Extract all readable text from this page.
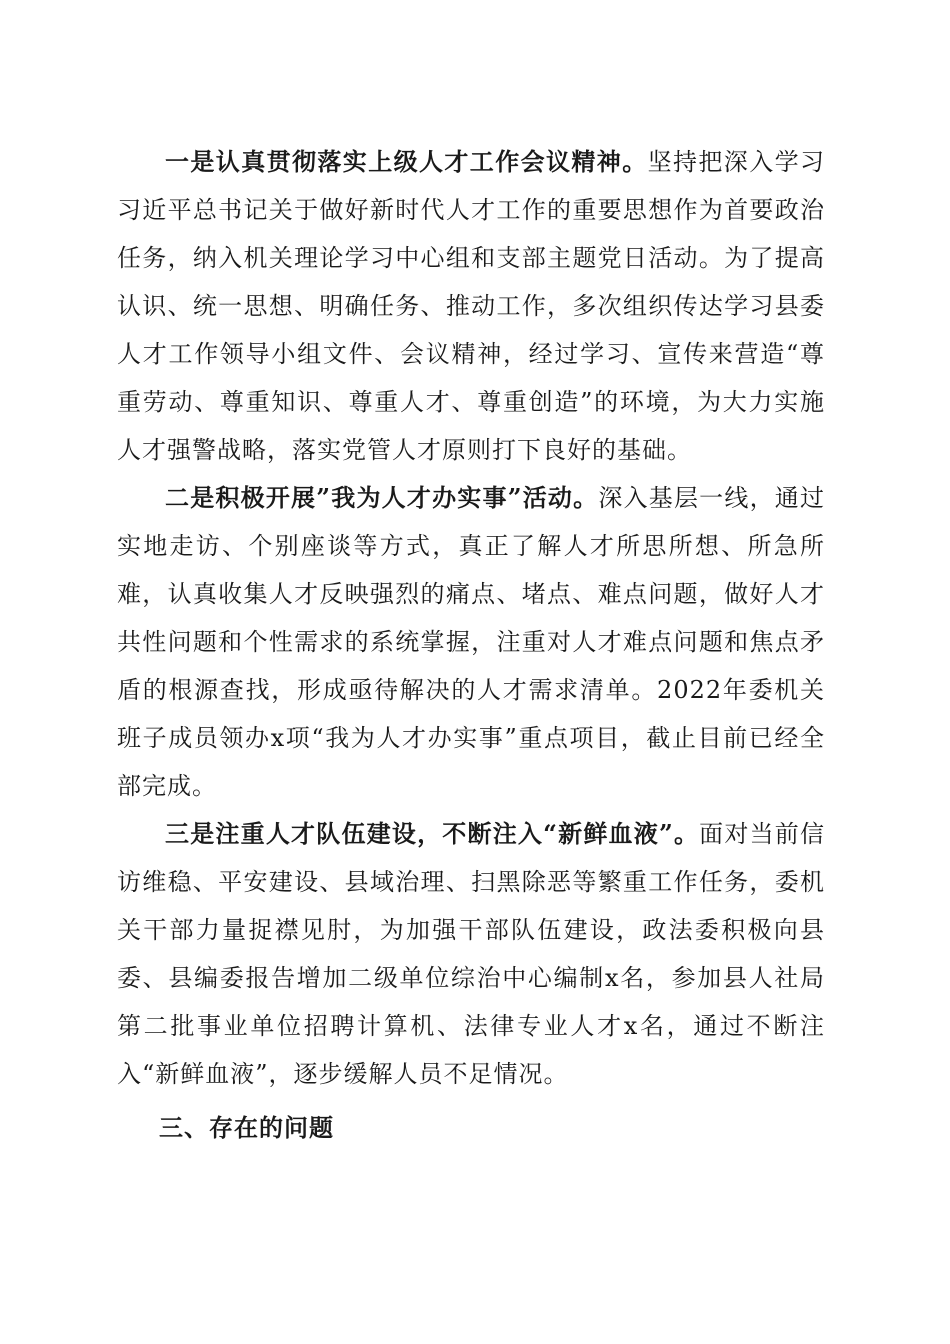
一是认真贯彻落实上级人才工作会议精神。坚持把深入学习习近平总书记关于做好新时代人才工作的重要思想作为首要政治任务，纳入机关理论学习中心组和支部主题党日活动。为了提高认识、统一思想、明确任务、推动工作，多次组织传达学习县委人才工作领导小组文件、会议精神，经过学习、宣传来营造“尊重劳动、尊重知识、尊重人才、尊重创造”的环境，为大力实施人才强警战略，落实党管人才原则打下良好的基础。

二是积极开展”我为人才办实事”活动。深入基层一线，通过实地走访、个别座谈等方式，真正了解人才所思所想、所急所难，认真收集人才反映强烈的痛点、堵点、难点问题，做好人才共性问题和个性需求的系统掌握，注重对人才难点问题和焦点矛盾的根源查找，形成亟待解决的人才需求清单。2022年委机关班子成员领办x项“我为人才办实事”重点项目，截止目前已经全部完成。

三是注重人才队伍建设，不断注入“新鲜血液”。面对当前信访维稳、平安建设、县域治理、扫黑除恶等繁重工作任务，委机关干部力量捉襟见肘，为加强干部队伍建设，政法委积极向县委、县编委报告增加二级单位综治中心编制x名，参加县人社局第二批事业单位招聘计算机、法律专业人才x名，通过不断注入“新鲜血液”，逐步缓解人员不足情况。

三、存在的问题
